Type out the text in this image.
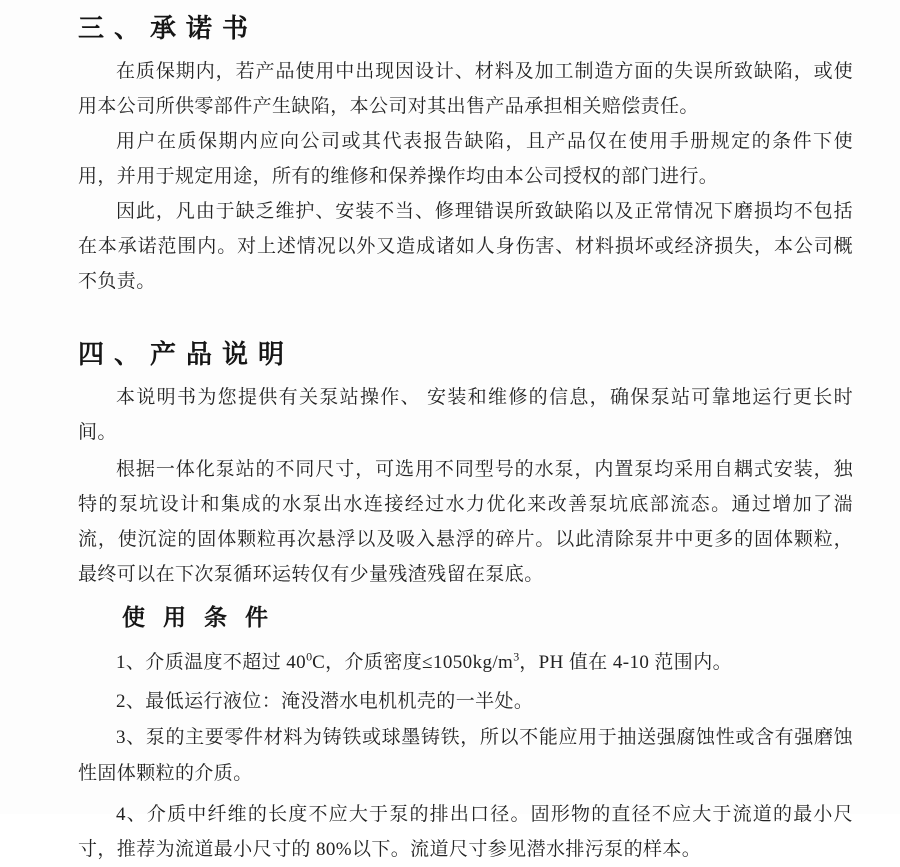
三、承诺书

在质保期内，若产品使用中出现因设计、材料及加工制造方面的失误所致缺陷，或使用本公司所供零部件产生缺陷，本公司对其出售产品承担相关赔偿责任。

用户在质保期内应向公司或其代表报告缺陷，且产品仅在使用手册规定的条件下使用，并用于规定用途，所有的维修和保养操作均由本公司授权的部门进行。

因此，凡由于缺乏维护、安装不当、修理错误所致缺陷以及正常情况下磨损均不包括在本承诺范围内。对上述情况以外又造成诸如人身伤害、材料损坏或经济损失，本公司概不负责。

四、产品说明

本说明书为您提供有关泵站操作、 安装和维修的信息，确保泵站可靠地运行更长时间。

根据一体化泵站的不同尺寸，可选用不同型号的水泵，内置泵均采用自耦式安装，独特的泵坑设计和集成的水泵出水连接经过水力优化来改善泵坑底部流态。通过增加了湍流，使沉淀的固体颗粒再次悬浮以及吸入悬浮的碎片。以此清除泵井中更多的固体颗粒，最终可以在下次泵循环运转仅有少量残渣残留在泵底。

使用条件

1、介质温度不超过 $40^0C$，介质密度$\le 1050kg/m^3$，PH 值在 4-10 范围内。

2、最低运行液位：淹没潜水电机机壳的一半处。

3、泵的主要零件材料为铸铁或球墨铸铁，所以不能应用于抽送强腐蚀性或含有强磨蚀性固体颗粒的介质。

4、介质中纤维的长度不应大于泵的排出口径。固形物的直径不应大于流道的最小尺寸，推荐为流道最小尺寸的 80%以下。流道尺寸参见潜水排污泵的样本。
